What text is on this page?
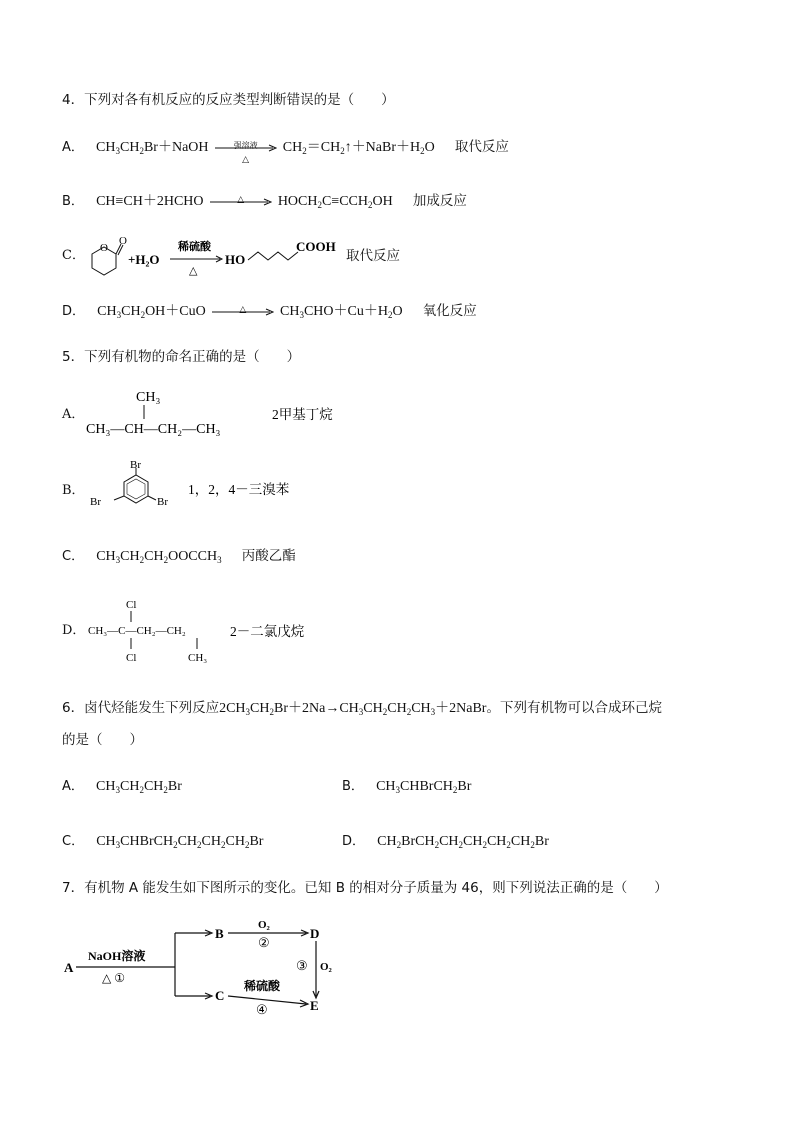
4．下列对各有机反应的反应类型判断错误的是（　　）
A． $CH_3CH_2Br+NaOH$	强溶液
△
$CH_2=CH_2↑+NaBr+H_2O$ 取代反应
B． CH≡CH＋2HCHO	△	$HOCH_2C\equiv CCH_2OH$ 加成反应
C． O
O
+H₂O
稀硫酸
△
HO
COOH
取代反应
D． $CH_3CH_2OH+CuO$	△	$CH_3CHO+Cu+H_2O$ 氧化反应
5．下列有机物的命名正确的是（　　）
A．
CH₃
CH₃—CH—CH₂—CH₃
2甲基丁烷
B．
Br
Br	Br
1，2，4－三溴苯
C． $CH_3CH_2CH_2OOCCH_3$ 丙酸乙酯
D．
Cl
CH₃—C—CH₂—CH₂
Cl	CH₃
2－二氯戊烷
6．卤代烃能发生下列反应$2CH_3CH_2Br+2Na\to CH_3CH_2CH_2CH_3+2NaBr$。下列有机物可以合成环己烷
的是（　　）
A． $CH_3CH_2CH_2Br$	B． $CH_3CHBrCH_2Br$
C． $CH_3CHBrCH_2CH_2CH_2CH_2Br$	D． $CH_2BrCH_2CH_2CH_2CH_2CH_2Br$
7．有机物 A 能发生如下图所示的变化。已知 B 的相对分子质量为 46，则下列说法正确的是（　　）
A
B
C
D
E
NaOH溶液
△ ①
O₂
②
③ O₂
稀硫酸
④
